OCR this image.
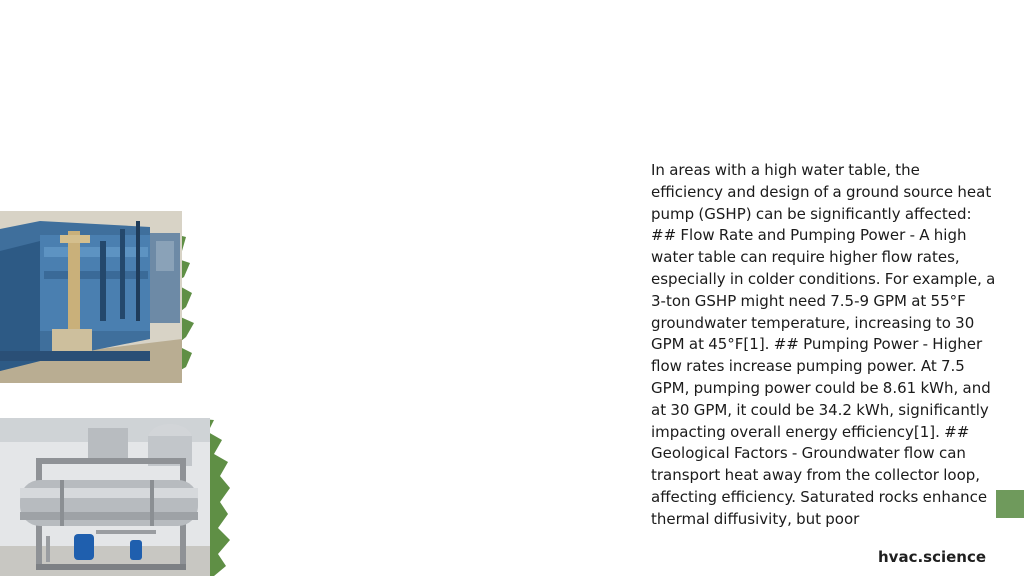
In areas with a high water table, the efficiency and design of a ground source heat pump (GSHP) can be significantly affected: ## Flow Rate and Pumping Power - A high water table can require higher flow rates, especially in colder conditions. For example, a 3-ton GSHP might need 7.5-9 GPM at 55°F groundwater temperature, increasing to 30 GPM at 45°F[1]. ## Pumping Power - Higher flow rates increase pumping power. At 7.5 GPM, pumping power could be 8.61 kWh, and at 30 GPM, it could be 34.2 kWh, significantly impacting overall energy efficiency[1]. ## Geological Factors - Groundwater flow can transport heat away from the collector loop, affecting efficiency. Saturated rocks enhance thermal diffusivity, but poor
hvac.science
